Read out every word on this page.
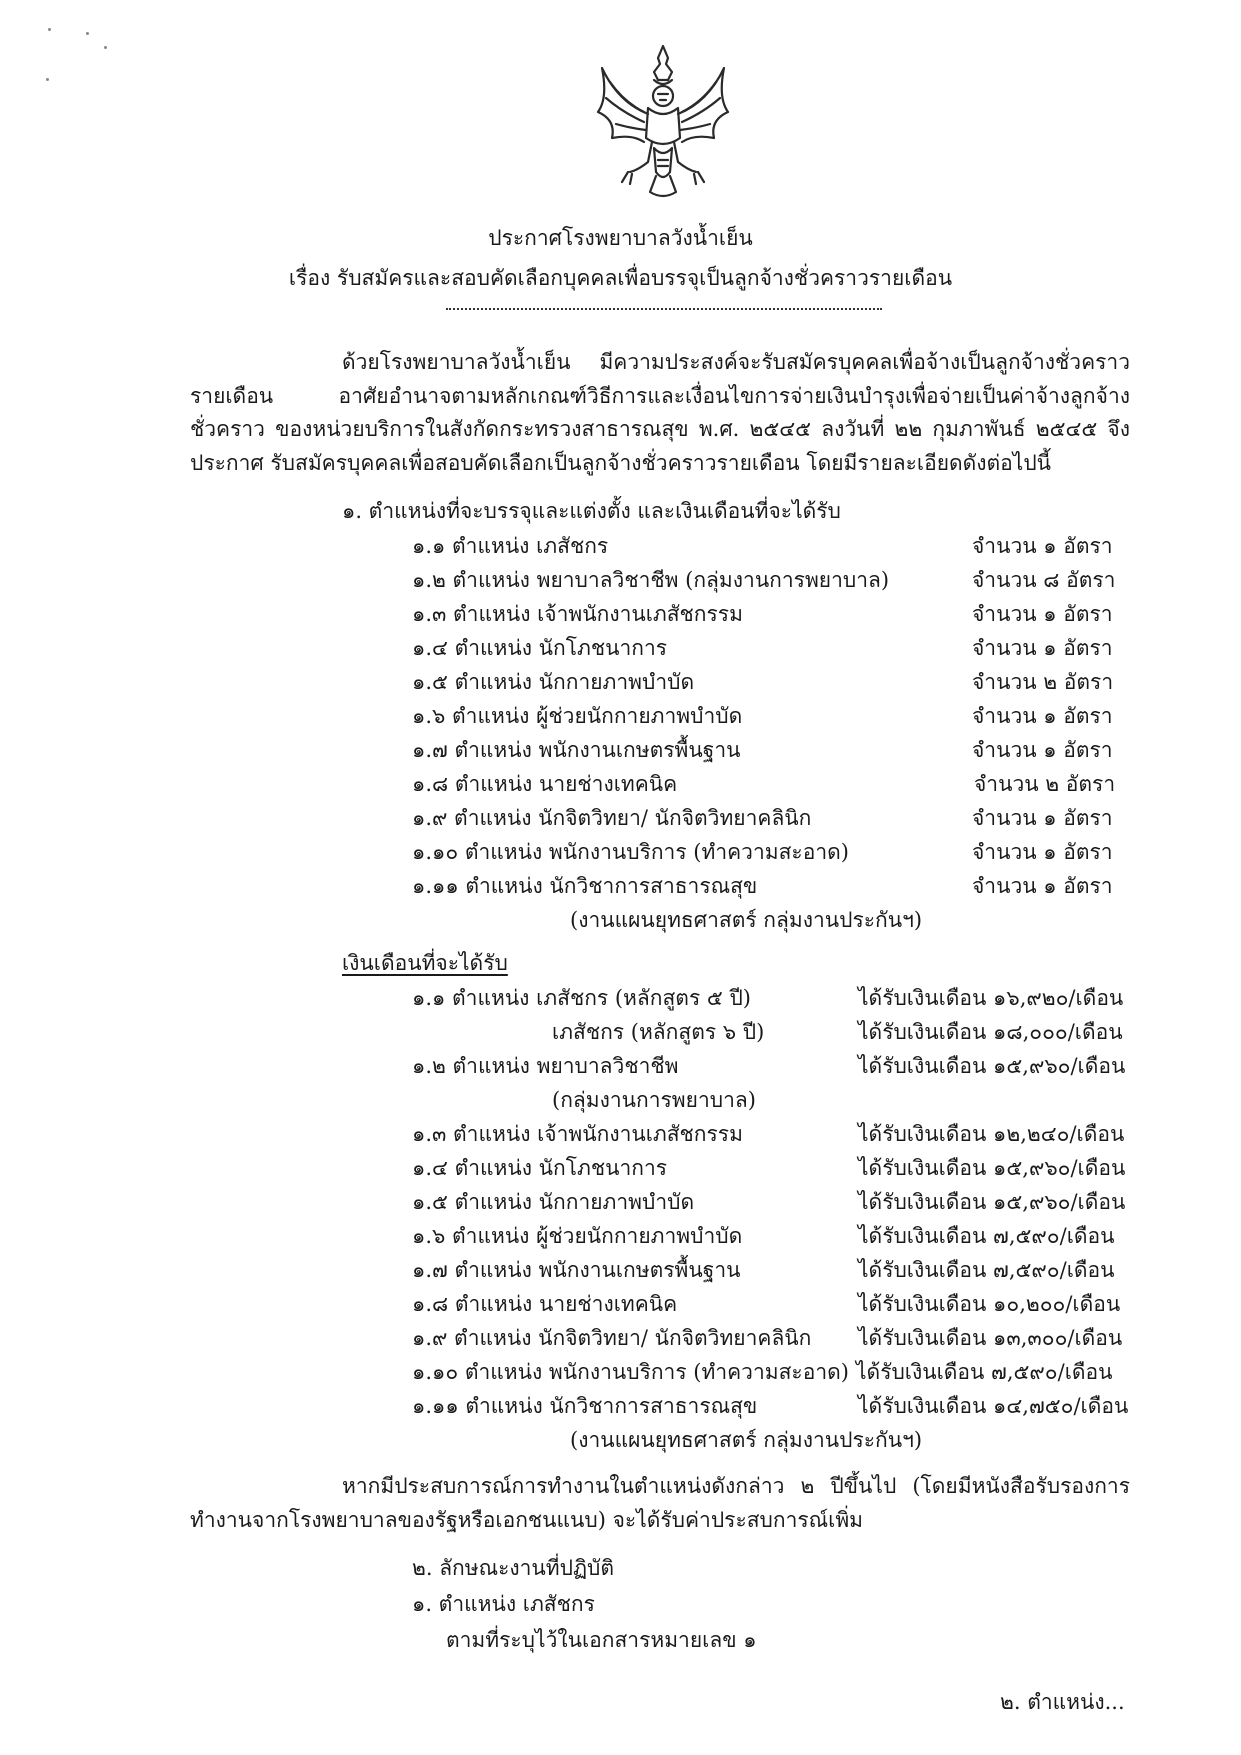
ประกาศโรงพยาบาลวังน้ำเย็น
เรื่อง รับสมัครและสอบคัดเลือกบุคคลเพื่อบรรจุเป็นลูกจ้างชั่วคราวรายเดือน
ด้วยโรงพยาบาลวังน้ำเย็น มีความประสงค์จะรับสมัครบุคคลเพื่อจ้างเป็นลูกจ้างชั่วคราว รายเดือน อาศัยอำนาจตามหลักเกณฑ์วิธีการและเงื่อนไขการจ่ายเงินบำรุงเพื่อจ่ายเป็นค่าจ้างลูกจ้างชั่วคราว ของหน่วยบริการในสังกัดกระทรวงสาธารณสุข พ.ศ. ๒๕๔๕ ลงวันที่ ๒๒ กุมภาพันธ์ ๒๕๔๕ จึงประกาศ รับสมัครบุคคลเพื่อสอบคัดเลือกเป็นลูกจ้างชั่วคราวรายเดือน โดยมีรายละเอียดดังต่อไปนี้
๑. ตำแหน่งที่จะบรรจุและแต่งตั้ง และเงินเดือนที่จะได้รับ
๑.๑ ตำแหน่ง เภสัชกร	จำนวน ๑ อัตรา
๑.๒ ตำแหน่ง พยาบาลวิชาชีพ (กลุ่มงานการพยาบาล)	จำนวน ๘ อัตรา
๑.๓ ตำแหน่ง เจ้าพนักงานเภสัชกรรม	จำนวน ๑ อัตรา
๑.๔ ตำแหน่ง นักโภชนาการ	จำนวน ๑ อัตรา
๑.๕ ตำแหน่ง นักกายภาพบำบัด	จำนวน ๒ อัตรา
๑.๖ ตำแหน่ง ผู้ช่วยนักกายภาพบำบัด	จำนวน ๑ อัตรา
๑.๗ ตำแหน่ง พนักงานเกษตรพื้นฐาน	จำนวน ๑ อัตรา
๑.๘ ตำแหน่ง นายช่างเทคนิค	จำนวน ๒ อัตรา
๑.๙ ตำแหน่ง นักจิตวิทยา/ นักจิตวิทยาคลินิก	จำนวน ๑ อัตรา
๑.๑๐ ตำแหน่ง พนักงานบริการ (ทำความสะอาด)	จำนวน ๑ อัตรา
๑.๑๑ ตำแหน่ง นักวิชาการสาธารณสุข	จำนวน ๑ อัตรา
(งานแผนยุทธศาสตร์ กลุ่มงานประกันฯ)
เงินเดือนที่จะได้รับ
๑.๑ ตำแหน่ง เภสัชกร (หลักสูตร ๕ ปี)	ได้รับเงินเดือน ๑๖,๙๒๐/เดือน
เภสัชกร (หลักสูตร ๖ ปี)	ได้รับเงินเดือน ๑๘,๐๐๐/เดือน
๑.๒ ตำแหน่ง พยาบาลวิชาชีพ	ได้รับเงินเดือน ๑๕,๙๖๐/เดือน
(กลุ่มงานการพยาบาล)
๑.๓ ตำแหน่ง เจ้าพนักงานเภสัชกรรม	ได้รับเงินเดือน ๑๒,๒๔๐/เดือน
๑.๔ ตำแหน่ง นักโภชนาการ	ได้รับเงินเดือน ๑๕,๙๖๐/เดือน
๑.๕ ตำแหน่ง นักกายภาพบำบัด	ได้รับเงินเดือน ๑๕,๙๖๐/เดือน
๑.๖ ตำแหน่ง ผู้ช่วยนักกายภาพบำบัด	ได้รับเงินเดือน ๗,๕๙๐/เดือน
๑.๗ ตำแหน่ง พนักงานเกษตรพื้นฐาน	ได้รับเงินเดือน ๗,๕๙๐/เดือน
๑.๘ ตำแหน่ง นายช่างเทคนิค	ได้รับเงินเดือน ๑๐,๒๐๐/เดือน
๑.๙ ตำแหน่ง นักจิตวิทยา/ นักจิตวิทยาคลินิก ได้รับเงินเดือน ๑๓,๓๐๐/เดือน
๑.๑๐ ตำแหน่ง พนักงานบริการ (ทำความสะอาด) ได้รับเงินเดือน ๗,๕๙๐/เดือน
๑.๑๑ ตำแหน่ง นักวิชาการสาธารณสุข	ได้รับเงินเดือน ๑๔,๗๕๐/เดือน
(งานแผนยุทธศาสตร์ กลุ่มงานประกันฯ)
หากมีประสบการณ์การทำงานในตำแหน่งดังกล่าว ๒ ปีขึ้นไป (โดยมีหนังสือรับรองการ ทำงานจากโรงพยาบาลของรัฐหรือเอกชนแนบ) จะได้รับค่าประสบการณ์เพิ่ม
๒. ลักษณะงานที่ปฏิบัติ
๑. ตำแหน่ง เภสัชกร
ตามที่ระบุไว้ในเอกสารหมายเลข ๑
๒. ตำแหน่ง...
